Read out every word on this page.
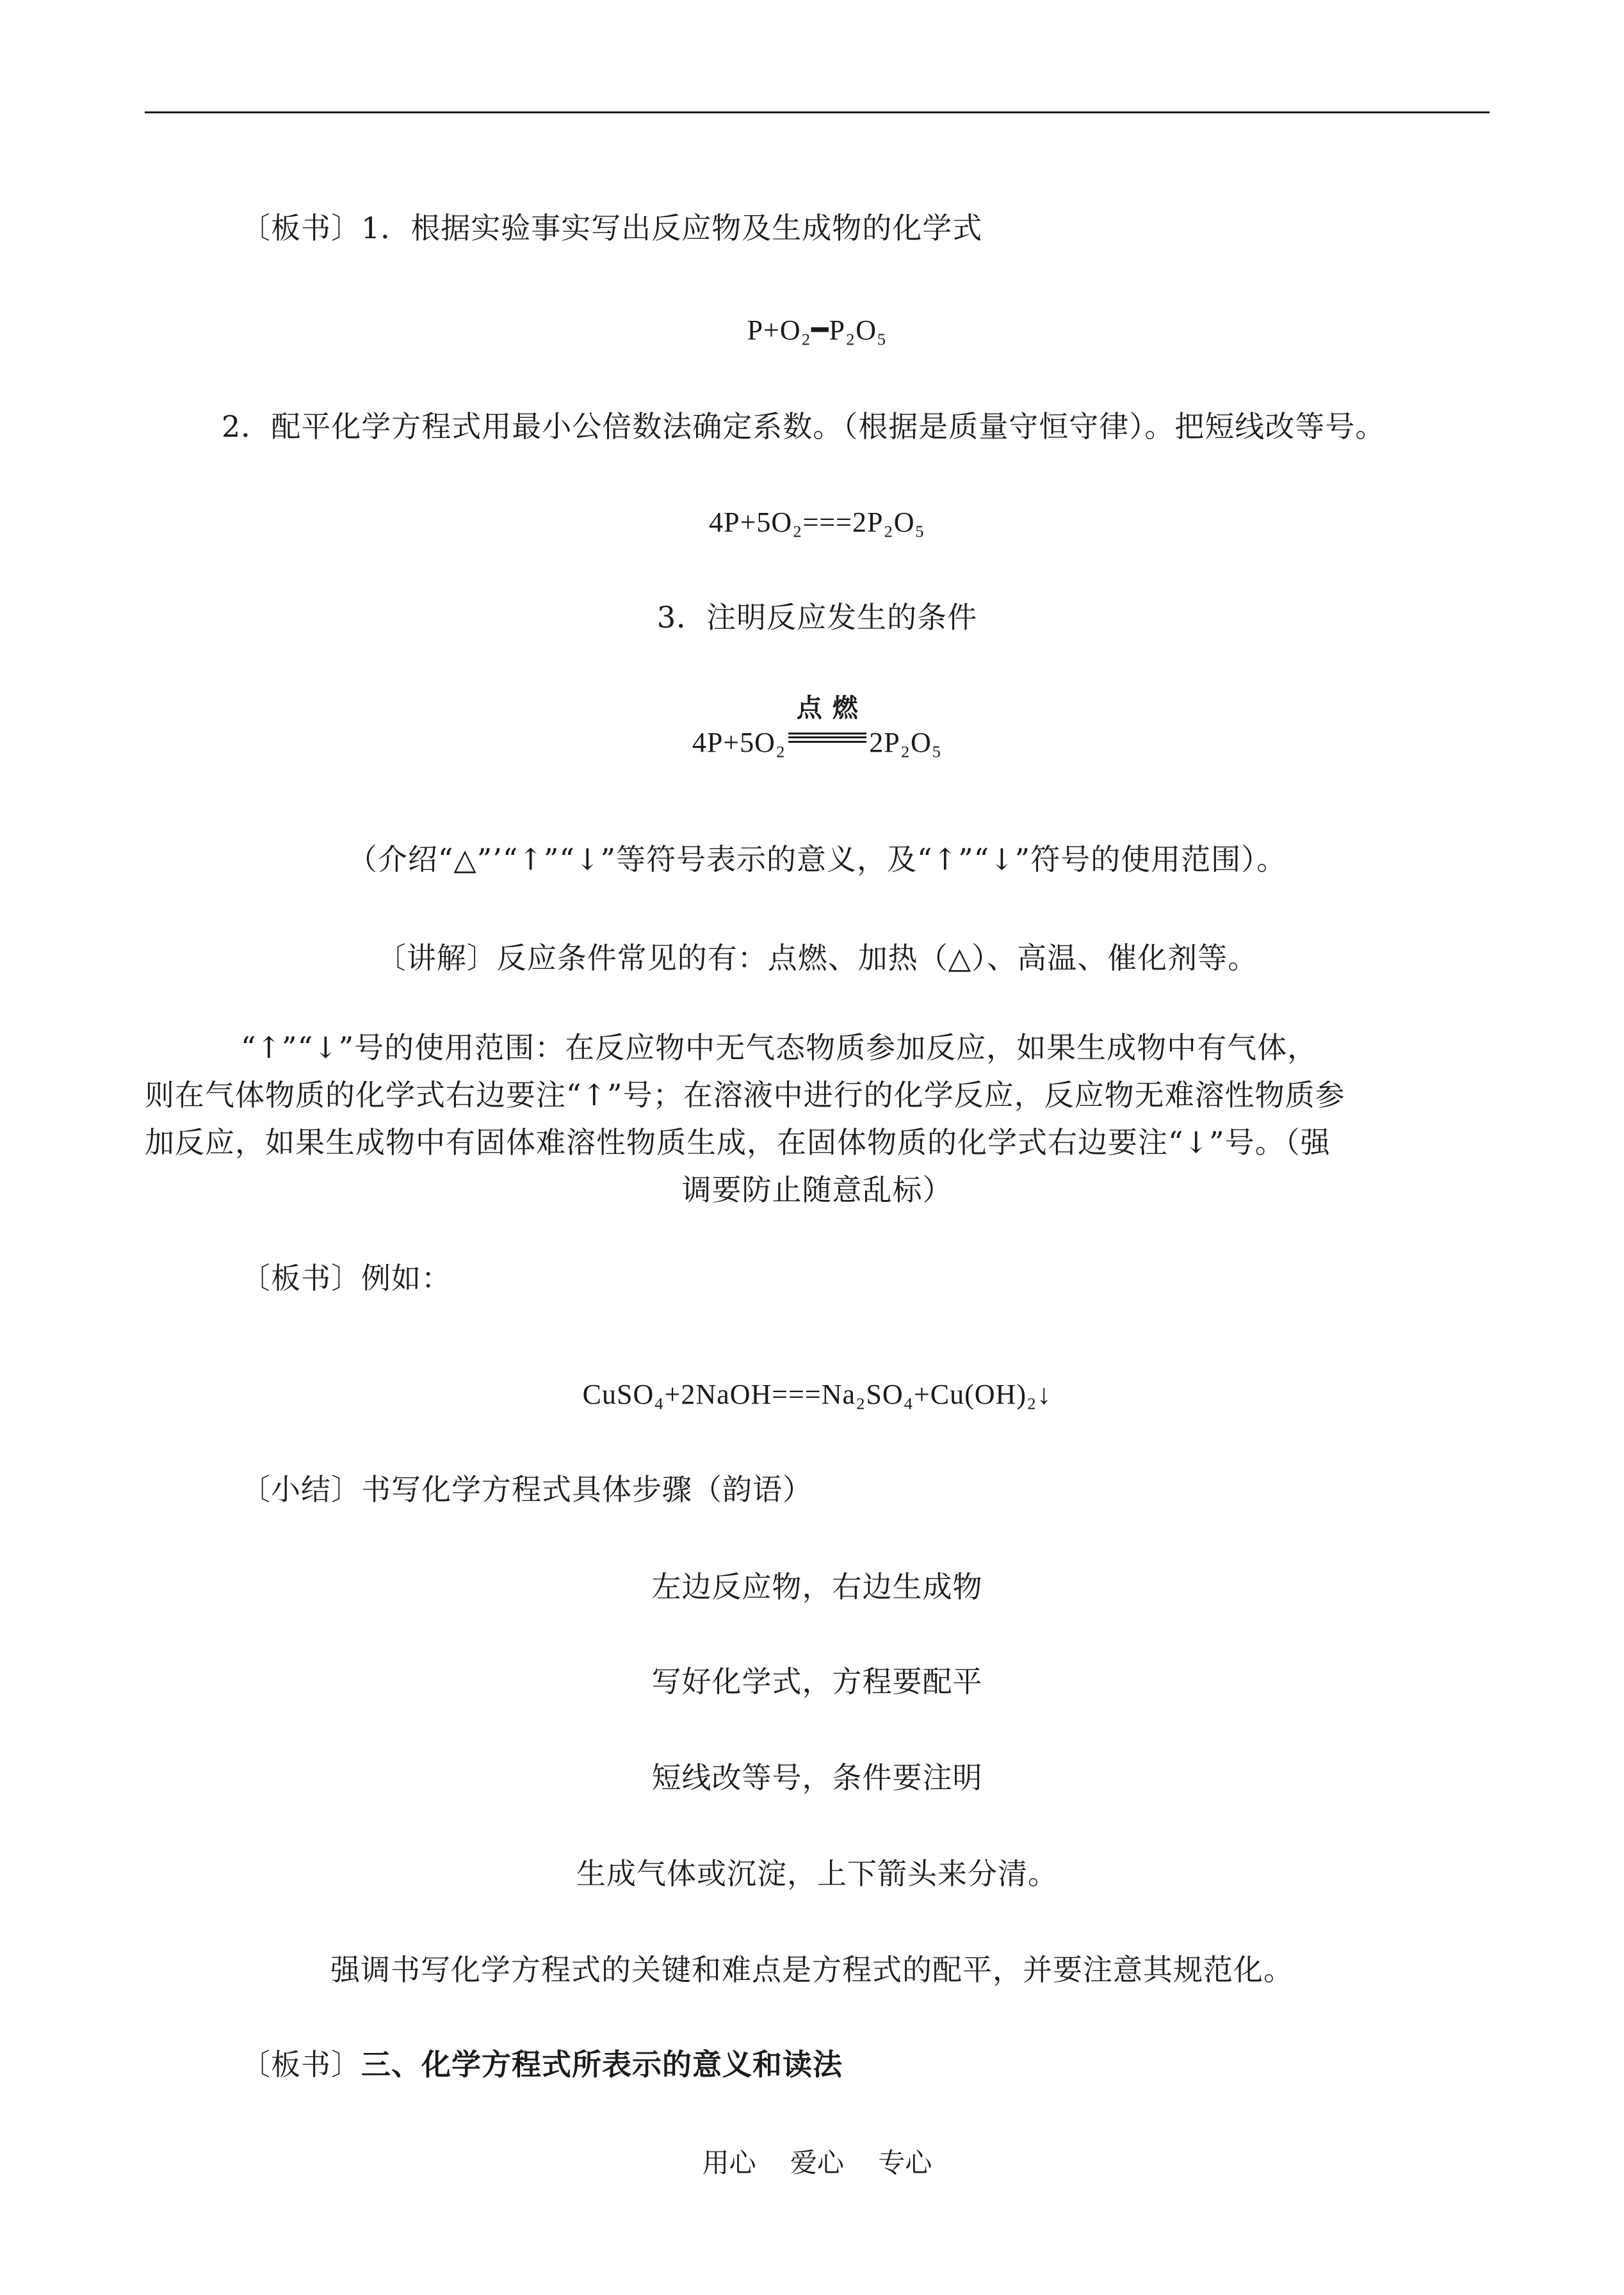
〔板书〕1．根据实验事实写出反应物及生成物的化学式
P+O₂━P₂O₅
2．配平化学方程式用最小公倍数法确定系数。（根据是质量守恒守律）。把短线改等号。
4P+5O₂===2P₂O₅
3．注明反应发生的条件
4P+5O₂
点 燃
2P₂O₅
（介绍“△”’“↑”“↓”等符号表示的意义，及“↑”“↓”符号的使用范围）。
〔讲解〕反应条件常见的有：点燃、加热（△）、高温、催化剂等。
“↑”“↓”号的使用范围：在反应物中无气态物质参加反应，如果生成物中有气体，
则在气体物质的化学式右边要注“↑”号；在溶液中进行的化学反应，反应物无难溶性物质参
加反应，如果生成物中有固体难溶性物质生成，在固体物质的化学式右边要注“↓”号。（强
调要防止随意乱标）
〔板书〕例如：
CuSO₄+2NaOH===Na₂SO₄+Cu(OH)₂↓
〔小结〕书写化学方程式具体步骤（韵语）
左边反应物，右边生成物
写好化学式，方程要配平
短线改等号，条件要注明
生成气体或沉淀，上下箭头来分清。
强调书写化学方程式的关键和难点是方程式的配平，并要注意其规范化。
〔板书〕三、化学方程式所表示的意义和读法
用心 爱心 专心
